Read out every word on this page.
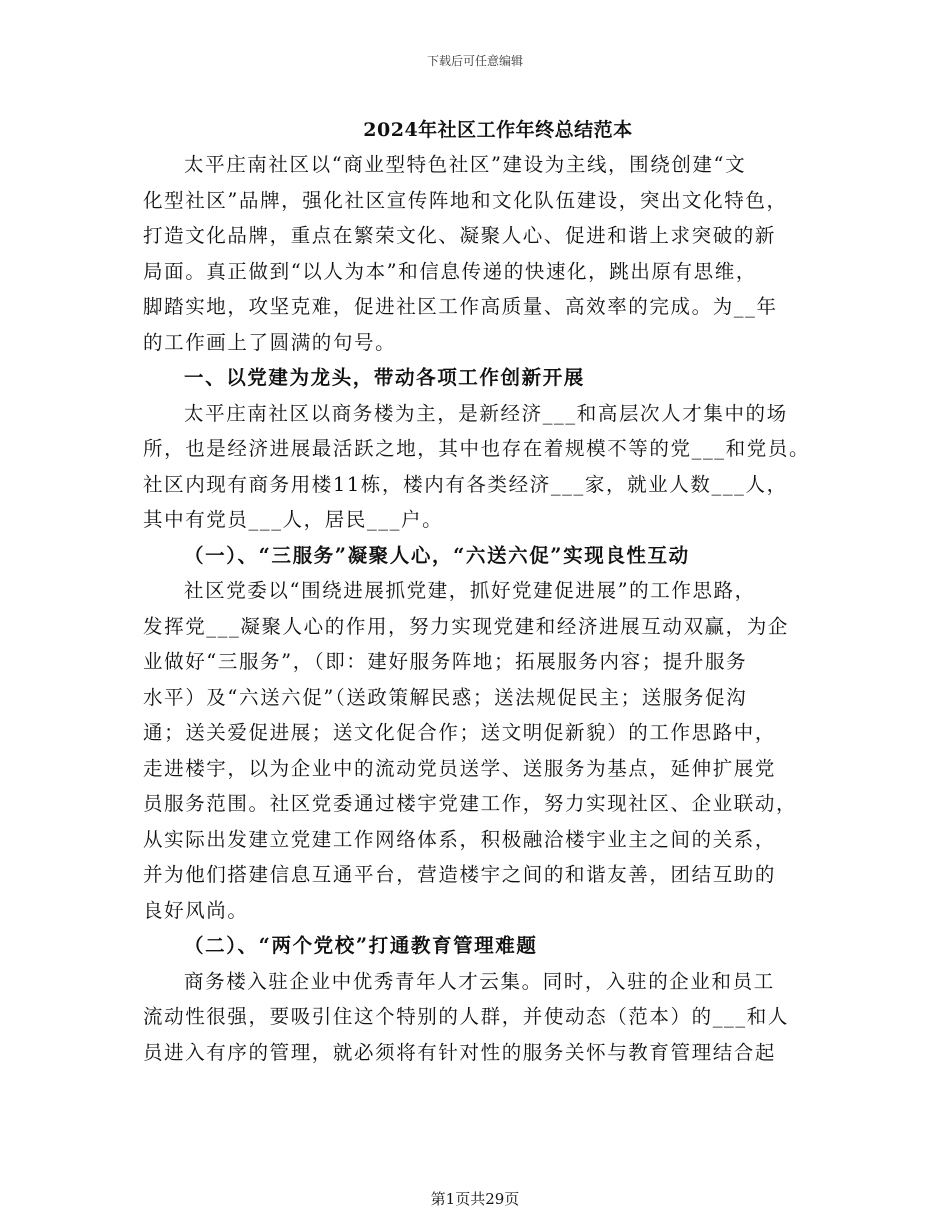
下载后可任意编辑
2024年社区工作年终总结范本
太平庄南社区以“商业型特色社区”建设为主线，围绕创建“文
化型社区”品牌，强化社区宣传阵地和文化队伍建设，突出文化特色，
打造文化品牌，重点在繁荣文化、凝聚人心、促进和谐上求突破的新
局面。真正做到“以人为本”和信息传递的快速化，跳出原有思维，
脚踏实地，攻坚克难，促进社区工作高质量、高效率的完成。为__年
的工作画上了圆满的句号。
一、以党建为龙头，带动各项工作创新开展
太平庄南社区以商务楼为主，是新经济___和高层次人才集中的场
所，也是经济进展最活跃之地，其中也存在着规模不等的党___和党员。
社区内现有商务用楼11栋，楼内有各类经济___家，就业人数___人，
其中有党员___人，居民___户。
（一）、“三服务”凝聚人心，“六送六促”实现良性互动
社区党委以“围绕进展抓党建，抓好党建促进展”的工作思路，
发挥党___凝聚人心的作用，努力实现党建和经济进展互动双赢，为企
业做好“三服务”，（即：建好服务阵地；拓展服务内容；提升服务
水平）及“六送六促”（送政策解民惑；送法规促民主；送服务促沟
通；送关爱促进展；送文化促合作；送文明促新貌）的工作思路中，
走进楼宇，以为企业中的流动党员送学、送服务为基点，延伸扩展党
员服务范围。社区党委通过楼宇党建工作，努力实现社区、企业联动，
从实际出发建立党建工作网络体系，积极融洽楼宇业主之间的关系，
并为他们搭建信息互通平台，营造楼宇之间的和谐友善，团结互助的
良好风尚。
（二）、“两个党校”打通教育管理难题
商务楼入驻企业中优秀青年人才云集。同时，入驻的企业和员工
流动性很强，要吸引住这个特别的人群，并使动态（范本）的___和人
员进入有序的管理，就必须将有针对性的服务关怀与教育管理结合起
第1页共29页
